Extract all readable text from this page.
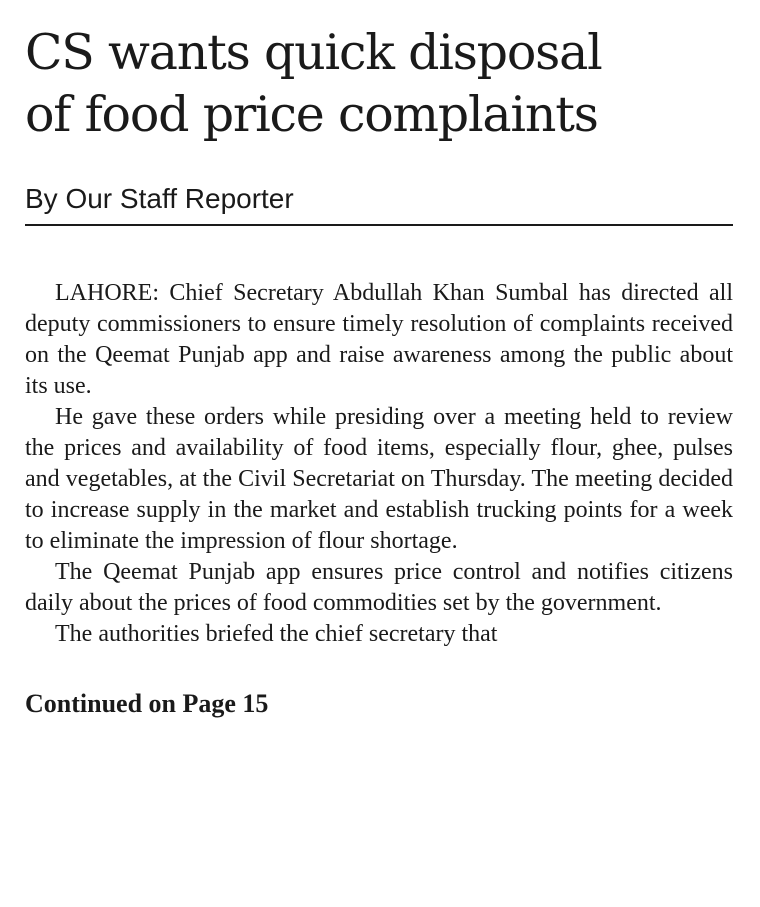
CS wants quick disposal
of food price complaints
By Our Staff Reporter

LAHORE: Chief Secretary Abdullah Khan Sumbal has directed all deputy commissioners to ensure timely resolution of complaints received on the Qeemat Punjab app and raise awareness among the public about its use.

He gave these orders while presiding over a meeting held to review the prices and availability of food items, especially flour, ghee, pulses and vegetables, at the Civil Secretariat on Thursday. The meeting decided to increase supply in the market and establish trucking points for a week to eliminate the impression of flour shortage.

The Qeemat Punjab app ensures price control and notifies citizens daily about the prices of food commodities set by the government.

The authorities briefed the chief secretary that

Continued on Page 15
